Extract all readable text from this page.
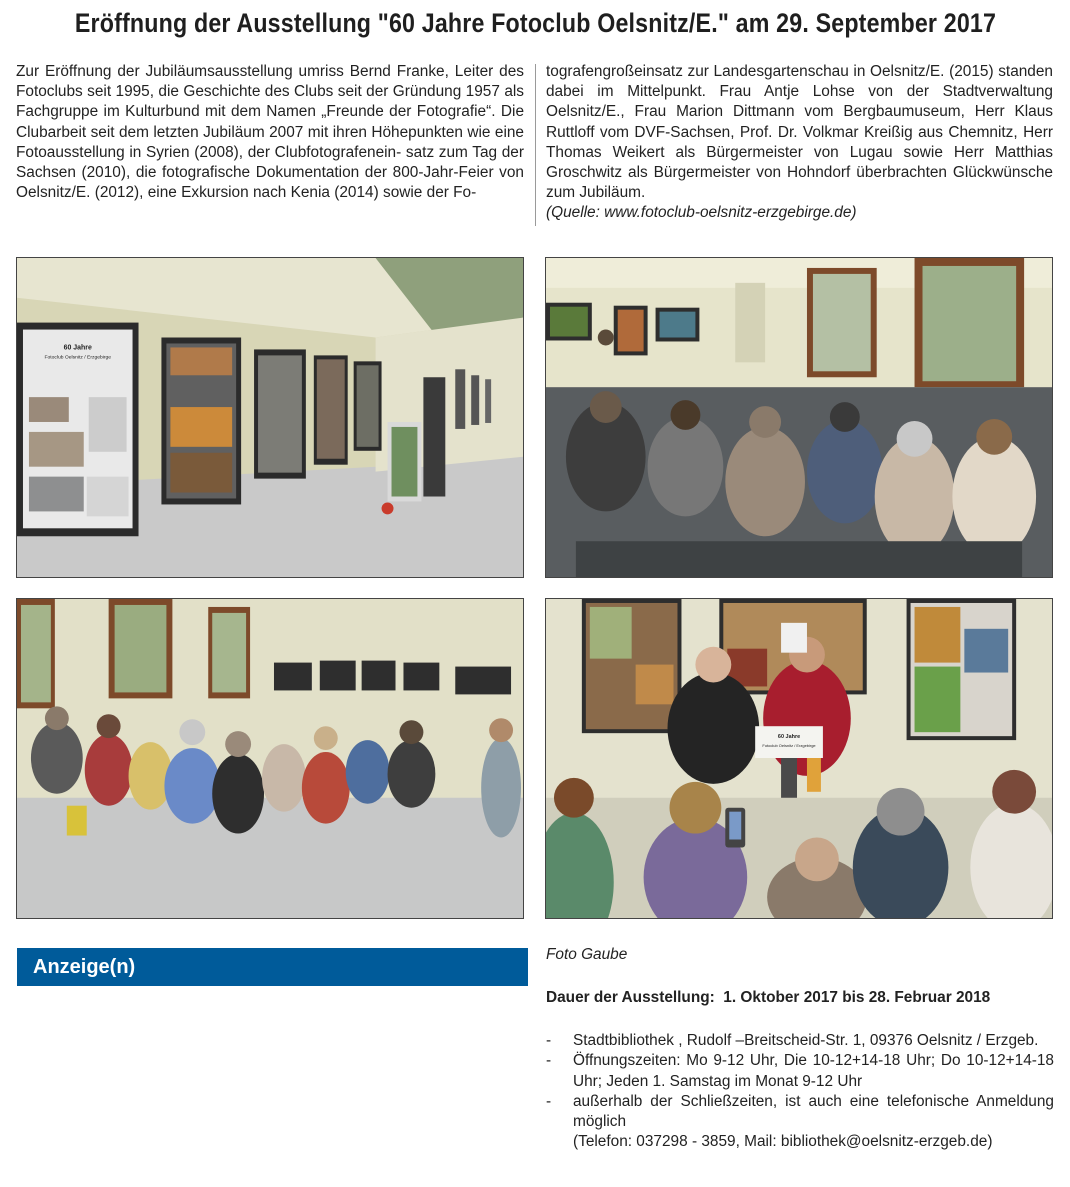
Eröffnung der Ausstellung "60 Jahre Fotoclub Oelsnitz/E." am 29. September 2017
Zur Eröffnung der Jubiläumsausstellung umriss Bernd Franke, Leiter des Fotoclubs seit 1995, die Geschichte des Clubs seit der Gründung 1957 als Fachgruppe im Kulturbund mit dem Namen „Freunde der Fotografie“. Die Clubarbeit seit dem letzten Jubiläum 2007 mit ihren Höhepunkten wie eine Fotoausstellung in Syrien (2008), der Clubfotografenein- satz zum Tag der Sachsen (2010), die fotografische Dokumentation der 800-Jahr-Feier von Oelsnitz/E. (2012), eine Exkursion nach Kenia (2014) sowie der Fo-
tografengroßeinsatz zur Landesgartenschau in Oelsnitz/E. (2015) standen dabei im Mittelpunkt. Frau Antje Lohse von der Stadtverwaltung Oelsnitz/E., Frau Marion Dittmann vom Bergbaumuseum, Herr Klaus Ruttloff vom DVF-Sachsen, Prof. Dr. Volkmar Kreißig aus Chemnitz, Herr Thomas Weikert als Bürgermeister von Lugau sowie Herr Matthias Groschwitz als Bürgermeister von Hohndorf überbrachten Glückwünsche zum Jubiläum.
(Quelle: www.fotoclub-oelsnitz-erzgebirge.de)
60 Jahre
Fotoclub Oelsnitz / Erzgebirge
60 Jahre
Fotoclub Oelsnitz / Erzgebirge
Anzeige(n)
Foto Gaube
Dauer der Ausstellung:  1. Oktober 2017 bis 28. Februar 2018
- Stadtbibliothek , Rudolf –Breitscheid-Str. 1, 09376 Oelsnitz / Erzgeb.
- Öffnungszeiten: Mo 9-12 Uhr, Die 10-12+14-18 Uhr; Do 10-12+14-18 Uhr; Jeden 1. Samstag im Monat 9-12 Uhr
- außerhalb der Schließzeiten, ist auch eine telefonische Anmeldung möglich
(Telefon: 037298 - 3859, Mail: bibliothek@oelsnitz-erzgeb.de)
